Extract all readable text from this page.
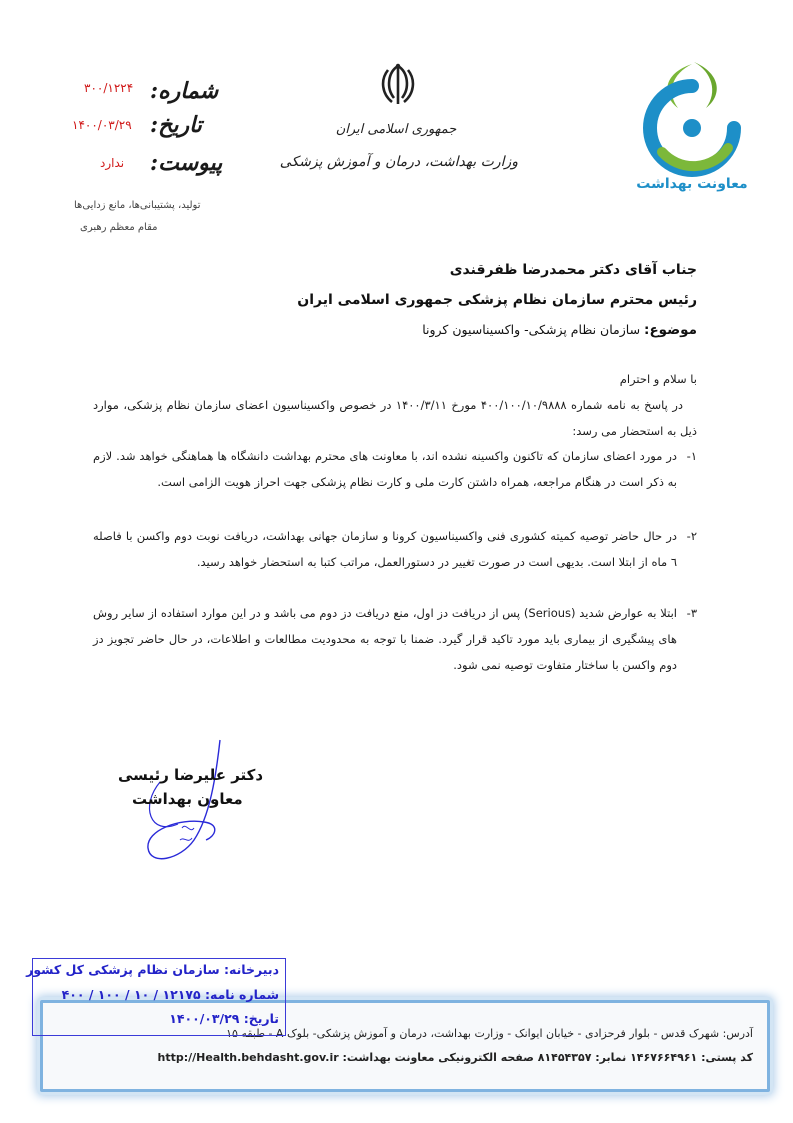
معاونت بهداشت
جمهوری اسلامی ایران
وزارت بهداشت، درمان و آموزش پزشکی
شماره:
۳۰۰/۱۲۲۴
تاریخ:
۱۴۰۰/۰۳/۲۹
پیوست:
ندارد
تولید، پشتیبانی‌ها، مانع زدایی‌ها
مقام معظم رهبری
جناب آقای دکتر محمدرضا ظفرقندی
رئیس محترم سازمان نظام پزشکی جمهوری اسلامی ایران
موضوع: سازمان نظام پزشکی- واکسیناسیون کرونا
با سلام و احترام
در پاسخ به نامه شماره ۴۰۰/۱۰۰/۱۰/۹۸۸۸ مورخ ۱۴۰۰/۳/۱۱ در خصوص واکسیناسیون اعضای سازمان نظام پزشکی، موارد ذیل به استحضار می رسد:
۱-
در مورد اعضای سازمان که تاکنون واکسینه نشده اند، با معاونت های محترم بهداشت دانشگاه ها هماهنگی خواهد شد. لازم به ذکر است در هنگام مراجعه، همراه داشتن کارت ملی و کارت نظام پزشکی جهت احراز هویت الزامی است.
۲-
در حال حاضر توصیه کمیته کشوری فنی واکسیناسیون کرونا و سازمان جهانی بهداشت، دریافت نوبت دوم واکسن با فاصله ٦ ماه از ابتلا است. بدیهی است در صورت تغییر در دستورالعمل، مراتب کتبا به استحضار خواهد رسید.
۳-
ابتلا به عوارض شدید (Serious) پس از دریافت دز اول، منع دریافت دز دوم می باشد و در این موارد استفاده از سایر روش های پیشگیری از بیماری باید مورد تاکید قرار گیرد. ضمنا با توجه به محدودیت مطالعات و اطلاعات، در حال حاضر تجویز دز دوم واکسن با ساختار متفاوت توصیه نمی شود.
دکتر علیرضا رئیسی
معاون بهداشت
آدرس: شهرک قدس - بلوار فرحزادی - خیابان ایوانک - وزارت بهداشت، درمان و آموزش پزشکی- بلوک A - طبقه ۱۵
کد پستی: ۱۴۶۷۶۶۴۹۶۱ نمابر: ۸۱۴۵۴۳۵۷ صفحه الکترونیکی معاونت بهداشت: http://Health.behdasht.gov.ir
دبیرخانه: سازمان نظام پزشکی کل کشور
شماره نامه: ۱۲۱۷۵ / ۱۰ / ۱۰۰ / ۴۰۰
تاریخ: ۱۴۰۰/۰۳/۲۹
